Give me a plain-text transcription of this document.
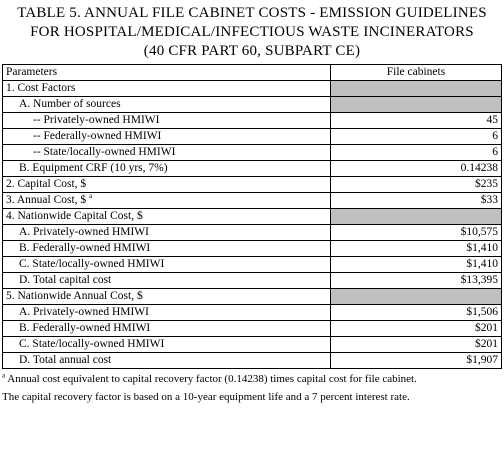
TABLE 5. ANNUAL FILE CABINET COSTS - EMISSION GUIDELINES
FOR HOSPITAL/MEDICAL/INFECTIOUS WASTE INCINERATORS
(40 CFR PART 60, SUBPART CE)
Parameters	File cabinets
1. Cost Factors	
A. Number of sources	
-- Privately-owned HMIWI	45
-- Federally-owned HMIWI	6
-- State/locally-owned HMIWI	6
B. Equipment CRF (10 yrs, 7%)	0.14238
2. Capital Cost, $	$235
3. Annual Cost, $ $^a$	$33
4. Nationwide Capital Cost, $	
A. Privately-owned HMIWI	$10,575
B. Federally-owned HMIWI	$1,410
C. State/locally-owned HMIWI	$1,410
D. Total capital cost	$13,395
5. Nationwide Annual Cost, $	
A. Privately-owned HMIWI	$1,506
B. Federally-owned HMIWI	$201
C. State/locally-owned HMIWI	$201
D. Total annual cost	$1,907
$^a$ Annual cost equivalent to capital recovery factor (0.14238) times capital cost for file cabinet.
The capital recovery factor is based on a 10-year equipment life and a 7 percent interest rate.
